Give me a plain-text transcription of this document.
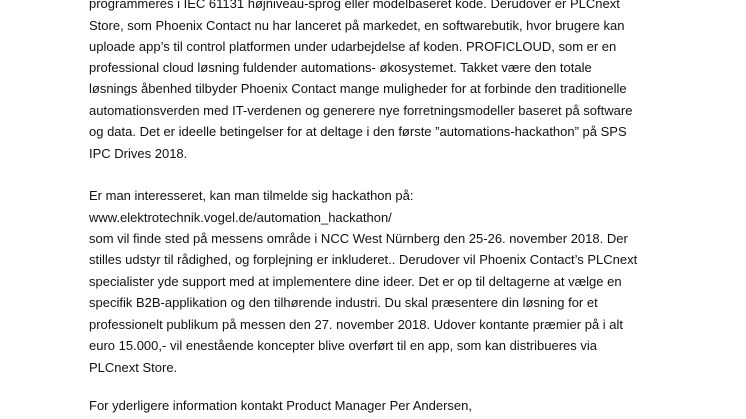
programmeres i IEC 61131 højniveau-sprog eller modelbaseret kode. Derudover er PLCnext
Store, som Phoenix Contact nu har lanceret på markedet, en softwarebutik, hvor brugere kan
uploade app’s til control platformen under udarbejdelse af koden. PROFICLOUD, som er en
professional cloud løsning fuldender automations- økosystemet. Takket være den totale
løsnings åbenhed tilbyder Phoenix Contact mange muligheder for at forbinde den traditionelle
automationsverden med IT-verdenen og generere nye forretningsmodeller baseret på software
og data. Det er ideelle betingelser for at deltage i den første ”automations-hackathon” på SPS
IPC Drives 2018.
Er man interesseret, kan man tilmelde sig hackathon på:
www.elektrotechnik.vogel.de/automation_hackathon/
som vil finde sted på messens område i NCC West Nürnberg den 25-26. november 2018. Der
stilles udstyr til rådighed, og forplejning er inkluderet.. Derudover vil Phoenix Contact’s PLCnext
specialister yde support med at implementere dine ideer. Det er op til deltagerne at vælge en
specifik B2B-applikation og den tilhørende industri. Du skal præsentere din løsning for et
professionelt publikum på messen den 27. november 2018. Udover kontante præmier på i alt
euro 15.000,- vil enestående koncepter blive overført til en app, som kan distribueres via
PLCnext Store.
For yderligere information kontakt Product Manager Per Andersen,
